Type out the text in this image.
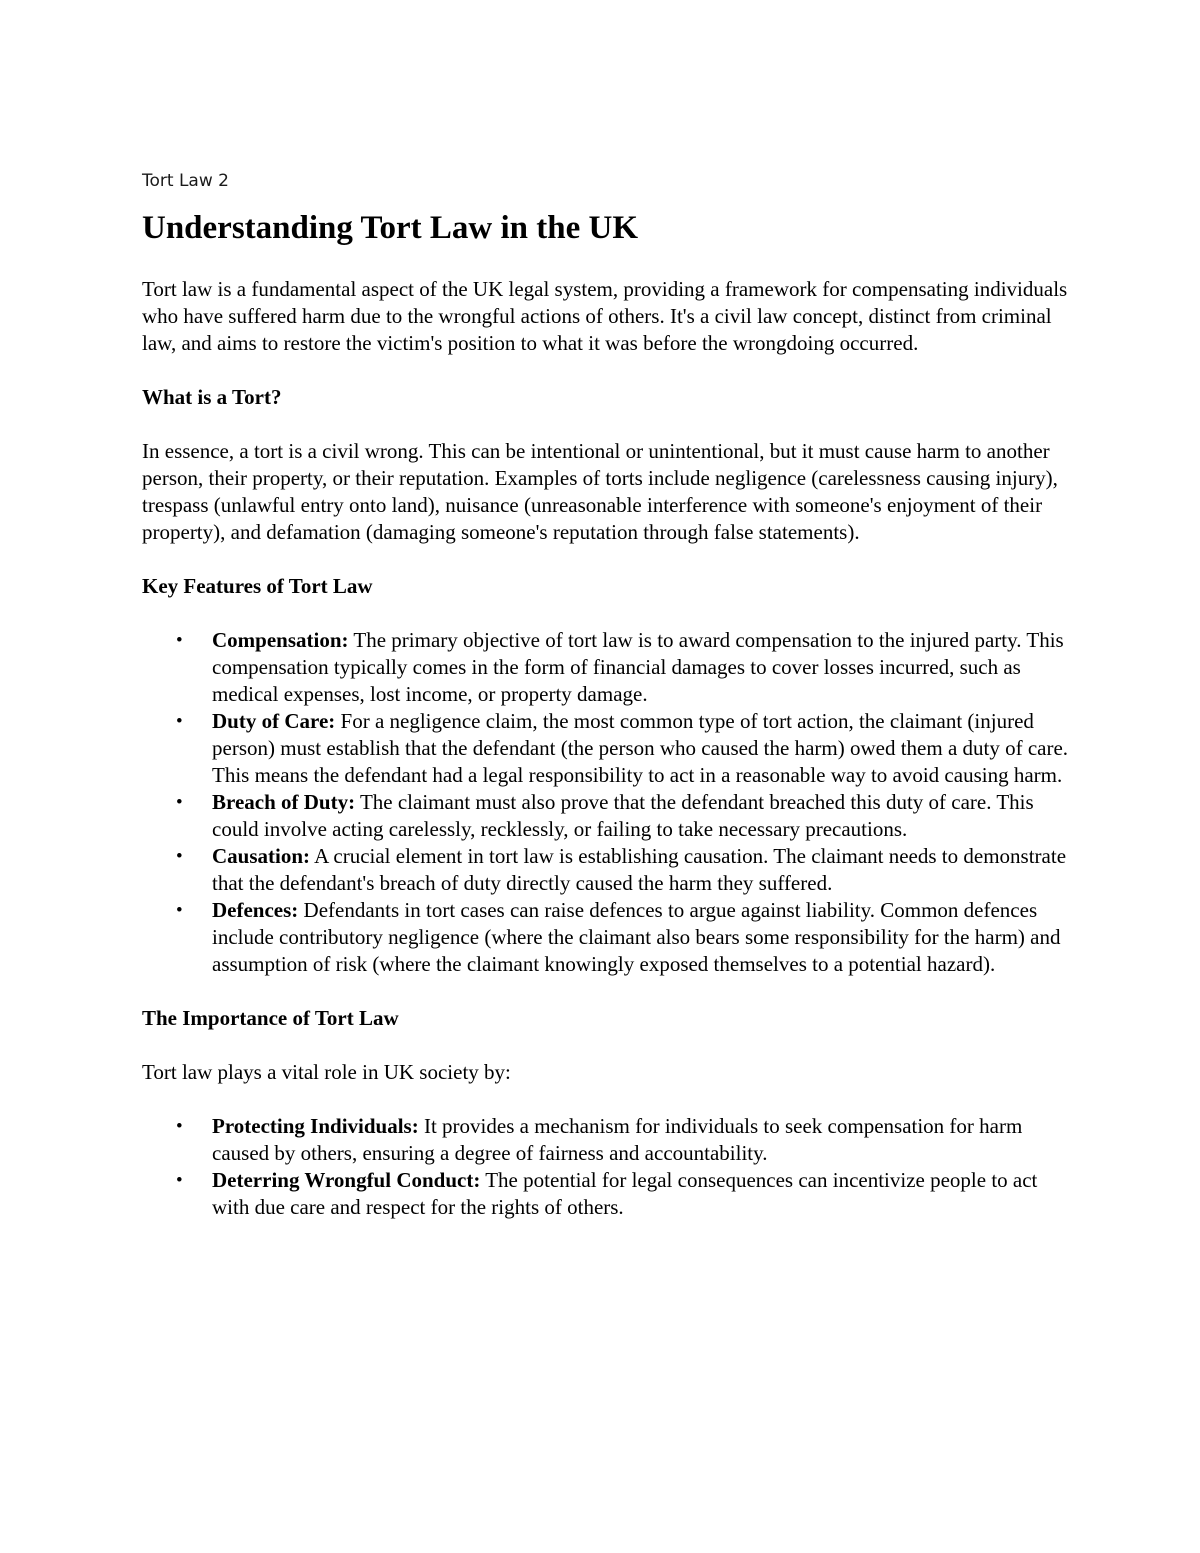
Tort Law 2
Understanding Tort Law in the UK

Tort law is a fundamental aspect of the UK legal system, providing a framework for compensating individuals who have suffered harm due to the wrongful actions of others. It's a civil law concept, distinct from criminal law, and aims to restore the victim's position to what it was before the wrongdoing occurred.

What is a Tort?

In essence, a tort is a civil wrong. This can be intentional or unintentional, but it must cause harm to another person, their property, or their reputation. Examples of torts include negligence (carelessness causing injury), trespass (unlawful entry onto land), nuisance (unreasonable interference with someone's enjoyment of their property), and defamation (damaging someone's reputation through false statements).

Key Features of Tort Law
• Compensation: The primary objective of tort law is to award compensation to the injured party. This compensation typically comes in the form of financial damages to cover losses incurred, such as medical expenses, lost income, or property damage.
• Duty of Care: For a negligence claim, the most common type of tort action, the claimant (injured person) must establish that the defendant (the person who caused the harm) owed them a duty of care. This means the defendant had a legal responsibility to act in a reasonable way to avoid causing harm.
• Breach of Duty: The claimant must also prove that the defendant breached this duty of care. This could involve acting carelessly, recklessly, or failing to take necessary precautions.
• Causation: A crucial element in tort law is establishing causation. The claimant needs to demonstrate that the defendant's breach of duty directly caused the harm they suffered.
• Defences: Defendants in tort cases can raise defences to argue against liability. Common defences include contributory negligence (where the claimant also bears some responsibility for the harm) and assumption of risk (where the claimant knowingly exposed themselves to a potential hazard).
The Importance of Tort Law

Tort law plays a vital role in UK society by:

• Protecting Individuals: It provides a mechanism for individuals to seek compensation for harm caused by others, ensuring a degree of fairness and accountability.
• Deterring Wrongful Conduct: The potential for legal consequences can incentivize people to act with due care and respect for the rights of others.
